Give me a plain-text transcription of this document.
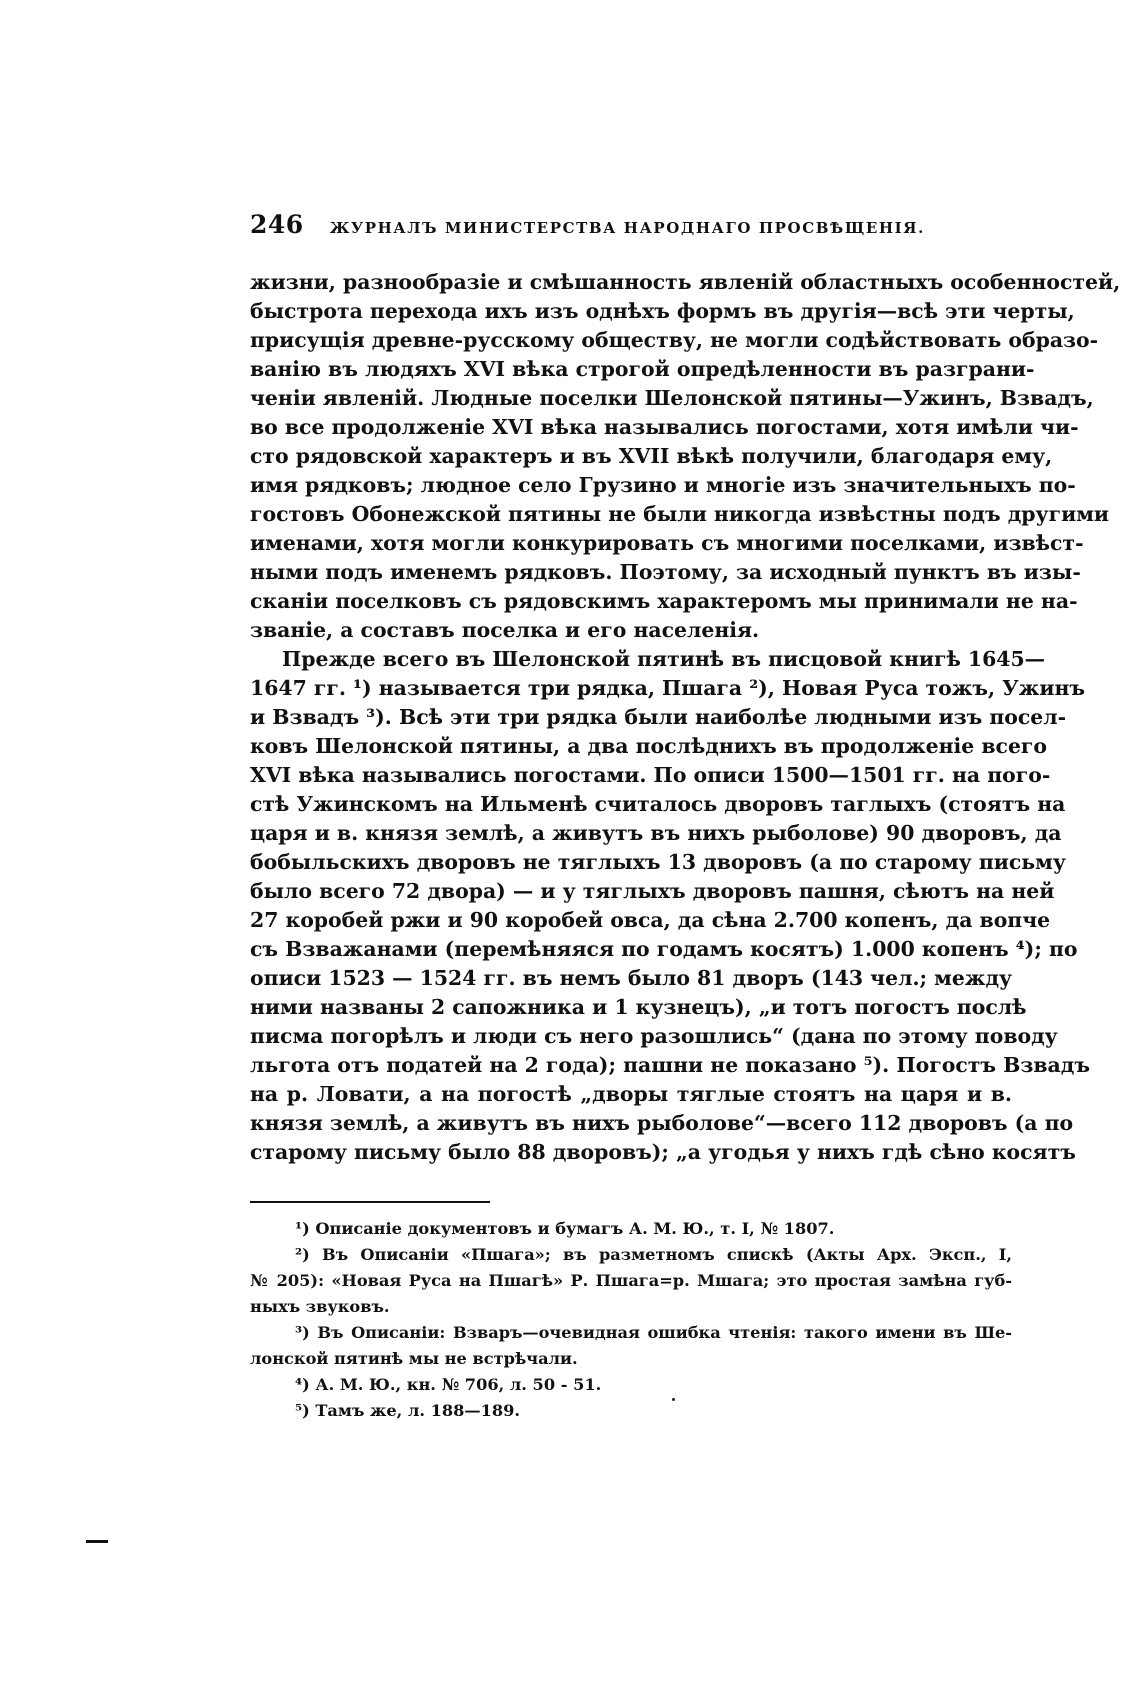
246 ЖУРНАЛЪ МИНИСТЕРСТВА НАРОДНАГО ПРОСВѢЩЕНІЯ.
жизни, разнообразіе и смѣшанность явленій областныхъ особенностей,
быстрота перехода ихъ изъ однѣхъ формъ въ другія—всѣ эти черты,
присущія древне-русскому обществу, не могли содѣйствовать образо-
ванію въ людяхъ XVI вѣка строгой опредѣленности въ разграни-
ченіи явленій. Людные поселки Шелонской пятины—Ужинъ, Взвадъ,
во все продолженіе XVI вѣка назывались погостами, хотя имѣли чи-
сто рядовской характеръ и въ XVII вѣкѣ получили, благодаря ему,
имя рядковъ; людное село Грузино и многіе изъ значительныхъ по-
гостовъ Обонежской пятины не были никогда извѣстны подъ другими
именами, хотя могли конкурировать съ многими поселками, извѣст-
ными подъ именемъ рядковъ. Поэтому, за исходный пунктъ въ изы-
сканіи поселковъ съ рядовскимъ характеромъ мы принимали не на-
званіе, а составъ поселка и его населенія.
Прежде всего въ Шелонской пятинѣ въ писцовой книгѣ 1645—
1647 гг. ¹) называется три рядка, Пшага ²), Новая Руса тожъ, Ужинъ
и Взвадъ ³). Всѣ эти три рядка были наиболѣе людными изъ посел-
ковъ Шелонской пятины, а два послѣднихъ въ продолженіе всего
XVI вѣка назывались погостами. По описи 1500—1501 гг. на пого-
стѣ Ужинскомъ на Ильменѣ считалось дворовъ таглыхъ (стоятъ на
царя и в. князя землѣ, а живутъ въ нихъ рыболове) 90 дворовъ, да
бобыльскихъ дворовъ не тяглыхъ 13 дворовъ (а по старому письму
было всего 72 двора) — и у тяглыхъ дворовъ пашня, сѣютъ на ней
27 коробей ржи и 90 коробей овса, да сѣна 2.700 копенъ, да вопче
съ Взважанами (перемѣняяся по годамъ косятъ) 1.000 копенъ ⁴); по
описи 1523 — 1524 гг. въ немъ было 81 дворъ (143 чел.; между
ними названы 2 сапожника и 1 кузнецъ), „и тотъ погостъ послѣ
писма погорѣлъ и люди съ него разошлись“ (дана по этому поводу
льгота отъ податей на 2 года); пашни не показано ⁵). Погостъ Взвадъ
на р. Ловати, а на погостѣ „дворы тяглые стоятъ на царя и в.
князя землѣ, а живутъ въ нихъ рыболове“—всего 112 дворовъ (а по
старому письму было 88 дворовъ); „а угодья у нихъ гдѣ сѣно косятъ
¹) Описаніе документовъ и бумагъ А. М. Ю., т. I, № 1807.
²) Въ Описаніи «Пшага»; въ разметномъ спискѣ (Акты Арх. Эксп., I,
№ 205): «Новая Руса на Пшагѣ» Р. Пшага=р. Мшага; это простая замѣна губ-
ныхъ звуковъ.
³) Въ Описаніи: Взваръ—очевидная ошибка чтенія: такого имени въ Ше-
лонской пятинѣ мы не встрѣчали.
⁴) А. М. Ю., кн. № 706, л. 50 - 51.
⁵) Тамъ же, л. 188—189.
